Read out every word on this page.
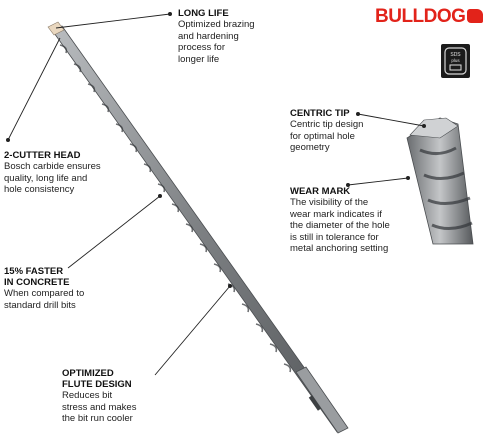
BULLDOG
SDS
plus
LONG LIFE
Optimized brazing
and hardening
process for
longer life
CENTRIC TIP
Centric tip design
for optimal hole
geometry
2-CUTTER HEAD
Bosch carbide ensures
quality, long life and
hole consistency	WEAR MARK
The visibility of the
wear mark indicates if
the diameter of the hole
is still in tolerance for
metal anchoring setting
15% FASTER
IN CONCRETE
When compared to
standard drill bits
OPTIMIZED
FLUTE DESIGN
Reduces bit
stress and makes
the bit run cooler
